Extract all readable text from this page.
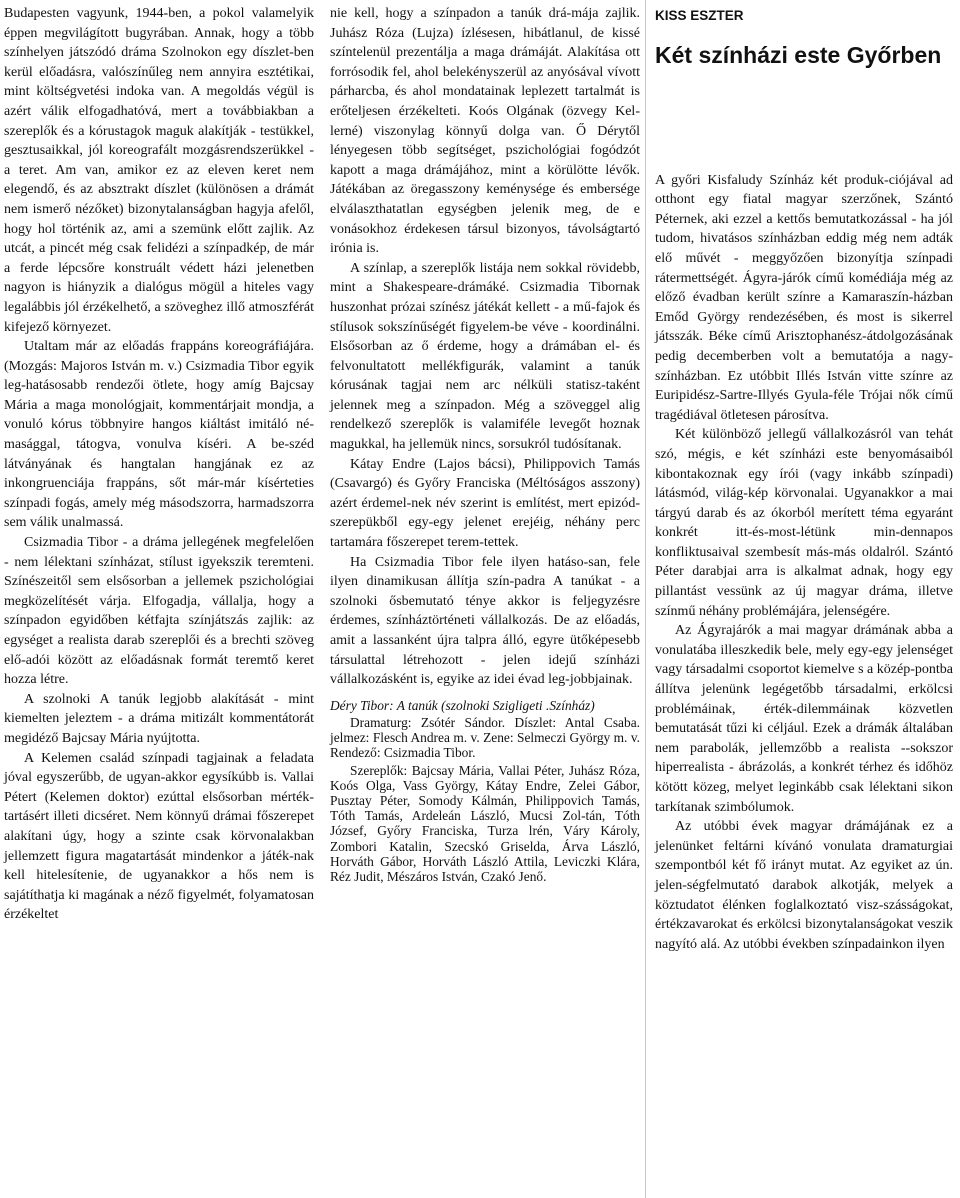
Budapesten vagyunk, 1944-ben, a pokol valamelyik éppen megvilágított bugyrában. Annak, hogy a több színhelyen játszódó dráma Szolnokon egy díszlet-ben kerül előadásra, valószínűleg nem annyira esztétikai, mint költségvetési indoka van. A megoldás végül is azért válik elfogadhatóvá, mert a továbbiakban a szereplők és a kórustagok maguk alakítják - testükkel, gesztusaikkal, jól koreografált mozgásrendszerükkel - a teret. Am van, amikor ez az eleven keret nem elegendő, és az absztrakt díszlet (különösen a drámát nem ismerő nézőket) bizonytalanságban hagyja afelől, hogy hol történik az, ami a szemünk előtt zajlik. Az utcát, a pincét még csak felidézi a színpadkép, de már a ferde lépcsőre konstruált védett házi jelenetben nagyon is hiányzik a dialógus mögül a hiteles vagy legalábbis jól érzékelhető, a szöveghez illő atmoszférát kifejező környezet.

Utaltam már az előadás frappáns koreográfiájára. (Mozgás: Majoros István m. v.) Csizmadia Tibor egyik leg-hatásosabb rendezői ötlete, hogy amíg Bajcsay Mária a maga monológjait, kommentárjait mondja, a vonuló kórus többnyire hangos kiáltást imitáló né-masággal, tátogva, vonulva kíséri. A be-széd látványának és hangtalan hangjának ez az inkongruenciája frappáns, sőt már-már kísérteties színpadi fogás, amely még másodszorra, harmadszorra sem válik unalmassá.

Csizmadia Tibor - a dráma jellegének megfelelően - nem lélektani színházat, stílust igyekszik teremteni. Színészeitől sem elsősorban a jellemek pszichológiai megközelítését várja. Elfogadja, vállalja, hogy a színpadon egyidőben kétfajta színjátszás zajlik: az egységet a realista darab szereplői és a brechti szöveg elő-adói között az előadásnak formát teremtő keret hozza létre.

A szolnoki A tanúk legjobb alakítását - mint kiemelten jeleztem - a dráma mitizált kommentátorát megidéző Bajcsay Mária nyújtotta.

A Kelemen család színpadi tagjainak a feladata jóval egyszerűbb, de ugyan-akkor egysíkúbb is. Vallai Pétert (Kelemen doktor) ezúttal elsősorban mérték-tartásért illeti dicséret. Nem könnyű drámai főszerepet alakítani úgy, hogy a szinte csak körvonalakban jellemzett figura magatartását mindenkor a játék-nak kell hitelesítenie, de ugyanakkor a hős nem is sajátíthatja ki magának a néző figyelmét, folyamatosan érzékeltet

nie kell, hogy a színpadon a tanúk drá-mája zajlik. Juhász Róza (Lujza) ízlésesen, hibátlanul, de kissé színtelenül prezentálja a maga drámáját. Alakítása ott forrósodik fel, ahol belekényszerül az anyósával vívott párharcba, és ahol mondatainak leplezett tartalmát is erőteljesen érzékelteti. Koós Olgának (özvegy Kel-lerné) viszonylag könnyű dolga van. Ő Dérytől lényegesen több segítséget, pszichológiai fogódzót kapott a maga drámájához, mint a körülötte lévők. Játékában az öregasszony keménysége és embersége elválaszthatatlan egységben jelenik meg, de e vonásokhoz érdekesen társul bizonyos, távolságtartó irónia is.

A színlap, a szereplők listája nem sokkal rövidebb, mint a Shakespeare-drámáké. Csizmadia Tibornak huszonhat prózai színész játékát kellett - a mű-fajok és stílusok sokszínűségét figyelem-be véve - koordinálni. Elsősorban az ő érdeme, hogy a drámában el- és felvonultatott mellékfigurák, valamint a tanúk kórusának tagjai nem arc nélküli statisz-taként jelennek meg a színpadon. Még a szöveggel alig rendelkező szereplők is valamiféle levegőt hoznak magukkal, ha jellemük nincs, sorsukról tudósítanak.

Kátay Endre (Lajos bácsi), Philippovich Tamás (Csavargó) és Győry Franciska (Méltóságos asszony) azért érdemel-nek név szerint is említést, mert epizód-szerepükből egy-egy jelenet erejéig, néhány perc tartamára főszerepet terem-tettek.

Ha Csizmadia Tibor fele ilyen hatáso-san, fele ilyen dinamikusan állítja szín-padra A tanúkat - a szolnoki ősbemutató tényе akkor is feljegyzésre érdemes, színháztörténeti vállalkozás. De az előadás, amit a lassanként újra talpra álló, egyre ütőképesebb társulattal létrehozott - jelen idejű színházi vállalkozásként is, egyike az idei évad leg-jobbjainak.

Déry Tibor: A tanúk (szolnoki Szigligeti .Színház)

Dramaturg: Zsótér Sándor. Díszlet: Antal Csaba. jelmez: Flesch Andrea m. v. Zene: Selmeczi György m. v. Rendező: Csizmadia Tibor.

Szereplők: Bajcsay Mária, Vallai Péter, Juhász Róza, Koós Olga, Vass György, Kátay Endre, Zelei Gábor, Pusztay Péter, Somody Kálmán, Philippovich Tamás, Tóth Tamás, Ardeleán László, Mucsi Zol-tán, Tóth József, Győry Franciska, Turza lrén, Váry Károly, Zombori Katalin, Szecskó Griselda, Árva László, Horváth Gábor, Horváth László Attila, Leviczki Klára, Réz Judit, Mészáros István, Czakó Jenő.

KISS ESZTER
Két színházi este Győrben

A győri Kisfaludy Színház két produk-ciójával ad otthont egy fiatal magyar szerzőnek, Szántó Péternek, aki ezzel a kettős bemutatkozással - ha jól tudom, hivatásos színházban eddig még nem adták elő művét - meggyőzően bizonyítja színpadi rátermettségét. Ágyra-járók című komédiája még az előző évadban került színre a Kamaraszín-házban Emőd György rendezésében, és most is sikerrel játsszák. Béke című Arisztophanész-átdolgozásának pedig decemberben volt a bemutatója a nagy-színházban. Ez utóbbit Illés István vitte színre az Euripidész-Sartre-Illyés Gyula-féle Trójai nők című tragédiával ötletesen párosítva.

Két különböző jellegű vállalkozásról van tehát szó, mégis, e két színházi este benyomásaiból kibontakoznak egy írói (vagy inkább színpadi) látásmód, világ-kép körvonalai. Ugyanakkor a mai tárgyú darab és az ókorból merített téma egyaránt konkrét itt-és-most-létünk min-dennapos konfliktusaival szembesít más-más oldalról. Szántó Péter darabjai arra is alkalmat adnak, hogy egy pillantást vessünk az új magyar dráma, illetve színmű néhány problémájára, jelenségére.

Az Ágyrajárók a mai magyar drámának abba a vonulatába illeszkedik bele, mely egy-egy jelenséget vagy társadalmi csoportot kiemelve s a közép-pontba állítva jelenünk legégetőbb társadalmi, erkölcsi problémáinak, érték-dilemmáinak közvetlen bemutatását tűzi ki céljául. Ezek a drámák általában nem parabolák, jellemzőbb a realista --sokszor hiperrealista - ábrázolás, a konkrét térhez és időhöz kötött közeg, melyet leginkább csak lélektani sikon tarkítanak szimbólumok.

Az utóbbi évek magyar drámájának ez a jelenünket feltárni kívánó vonulata dramaturgiai szempontból két fő irányt mutat. Az egyiket az ún. jelen-ségfelmutató darabok alkotják, melyek a köztudatot élénken foglalkoztató visz-szásságokat, értékzavarokat és erkölcsi bizonytalanságokat veszik nagyító alá. Az utóbbi években színpadainkon ilyen
